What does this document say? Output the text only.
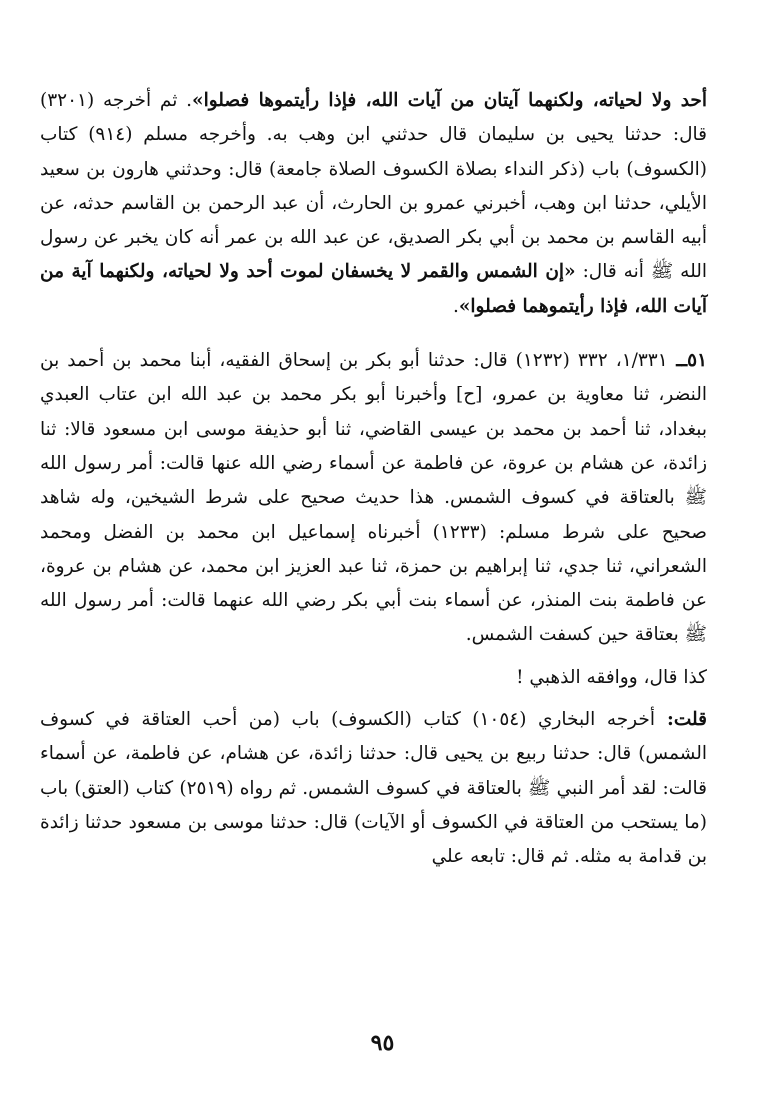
أحد ولا لحياته، ولكنهما آيتان من آيات الله، فإذا رأيتموها فصلوا». ثم أخرجه (٣٢٠١) قال: حدثنا يحيى بن سليمان قال حدثني ابن وهب به. وأخرجه مسلم (٩١٤) كتاب (الكسوف) باب (ذكر النداء بصلاة الكسوف الصلاة جامعة) قال: وحدثني هارون بن سعيد الأيلي، حدثنا ابن وهب، أخبرني عمرو بن الحارث، أن عبد الرحمن بن القاسم حدثه، عن أبيه القاسم بن محمد بن أبي بكر الصديق، عن عبد الله بن عمر أنه كان يخبر عن رسول الله ﷺ أنه قال: «إن الشمس والقمر لا يخسفان لموت أحد ولا لحياته، ولكنهما آية من آيات الله، فإذا رأيتموهما فصلوا».

٥١ــ ١/٣٣١، ٣٣٢ (١٢٣٢) قال: حدثنا أبو بكر بن إسحاق الفقيه، أبنا محمد بن أحمد بن النضر، ثنا معاوية بن عمرو، [ح] وأخبرنا أبو بكر محمد بن عبد الله ابن عتاب العبدي ببغداد، ثنا أحمد بن محمد بن عيسى القاضي، ثنا أبو حذيفة موسى ابن مسعود قالا: ثنا زائدة، عن هشام بن عروة، عن فاطمة عن أسماء رضي الله عنها قالت: أمر رسول الله ﷺ بالعتاقة في كسوف الشمس. هذا حديث صحيح على شرط الشيخين، وله شاهد صحيح على شرط مسلم: (١٢٣٣) أخبرناه إسماعيل ابن محمد بن الفضل ومحمد الشعراني، ثنا جدي، ثنا إبراهيم بن حمزة، ثنا عبد العزيز ابن محمد، عن هشام بن عروة، عن فاطمة بنت المنذر، عن أسماء بنت أبي بكر رضي الله عنهما قالت: أمر رسول الله ﷺ بعتاقة حين كسفت الشمس.

كذا قال، ووافقه الذهبي !

قلت: أخرجه البخاري (١٠٥٤) كتاب (الكسوف) باب (من أحب العتاقة في كسوف الشمس) قال: حدثنا ربيع بن يحيى قال: حدثنا زائدة، عن هشام، عن فاطمة، عن أسماء قالت: لقد أمر النبي ﷺ بالعتاقة في كسوف الشمس. ثم رواه (٢٥١٩) كتاب (العتق) باب (ما يستحب من العتاقة في الكسوف أو الآيات) قال: حدثنا موسى بن مسعود حدثنا زائدة بن قدامة به مثله. ثم قال: تابعه علي

٩٥
